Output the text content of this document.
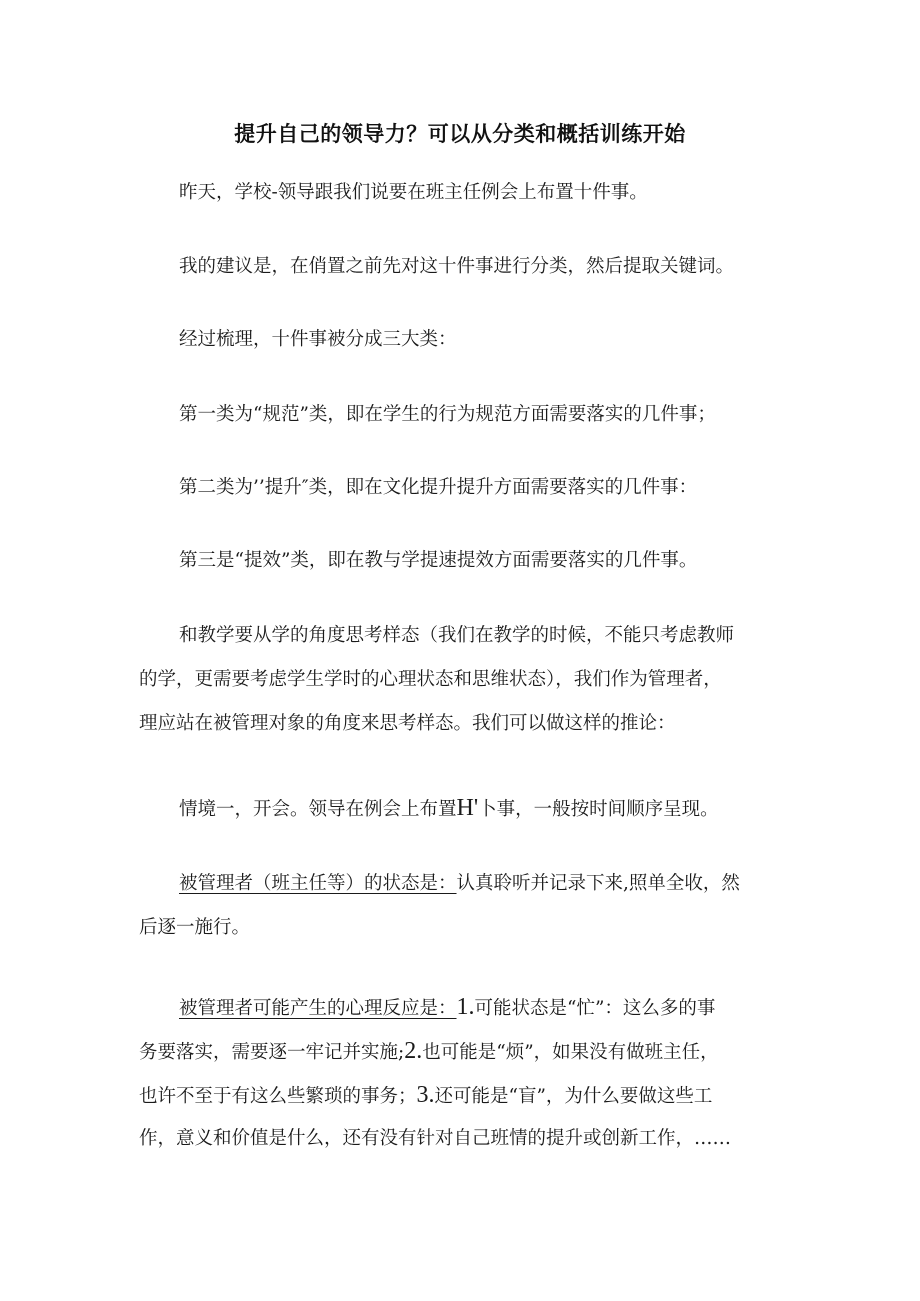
提升自己的领导力？可以从分类和概括训练开始
昨天，学校-领导跟我们说要在班主任例会上布置十件事。
我的建议是，在俏置之前先对这十件事进行分类，然后提取关键词。
经过梳理，十件事被分成三大类：
第一类为“规范”类，即在学生的行为规范方面需要落实的几件事；
第二类为’’提升″类，即在文化提升提升方面需要落实的几件事：
第三是“提效”类，即在教与学提速提效方面需要落实的几件事。
和教学要从学的角度思考样态（我们在教学的时候，不能只考虑教师
的学，更需要考虑学生学时的心理状态和思维状态），我们作为管理者，
理应站在被管理对象的角度来思考样态。我们可以做这样的推论：
情境一，开会。领导在例会上布置H'卜事，一般按时间顺序呈现。
被管理者（班主任等）的状态是：认真聆听并记录下来,照单全收，然
后逐一施行。
被管理者可能产生的心理反应是：1.可能状态是“忙”：这么多的事
务要落实，需要逐一牢记并实施;2.也可能是“烦”，如果没有做班主任，
也许不至于有这么些繁琐的事务；3.还可能是“盲”，为什么要做这些工
作，意义和价值是什么，还有没有针对自己班情的提升或创新工作，……
